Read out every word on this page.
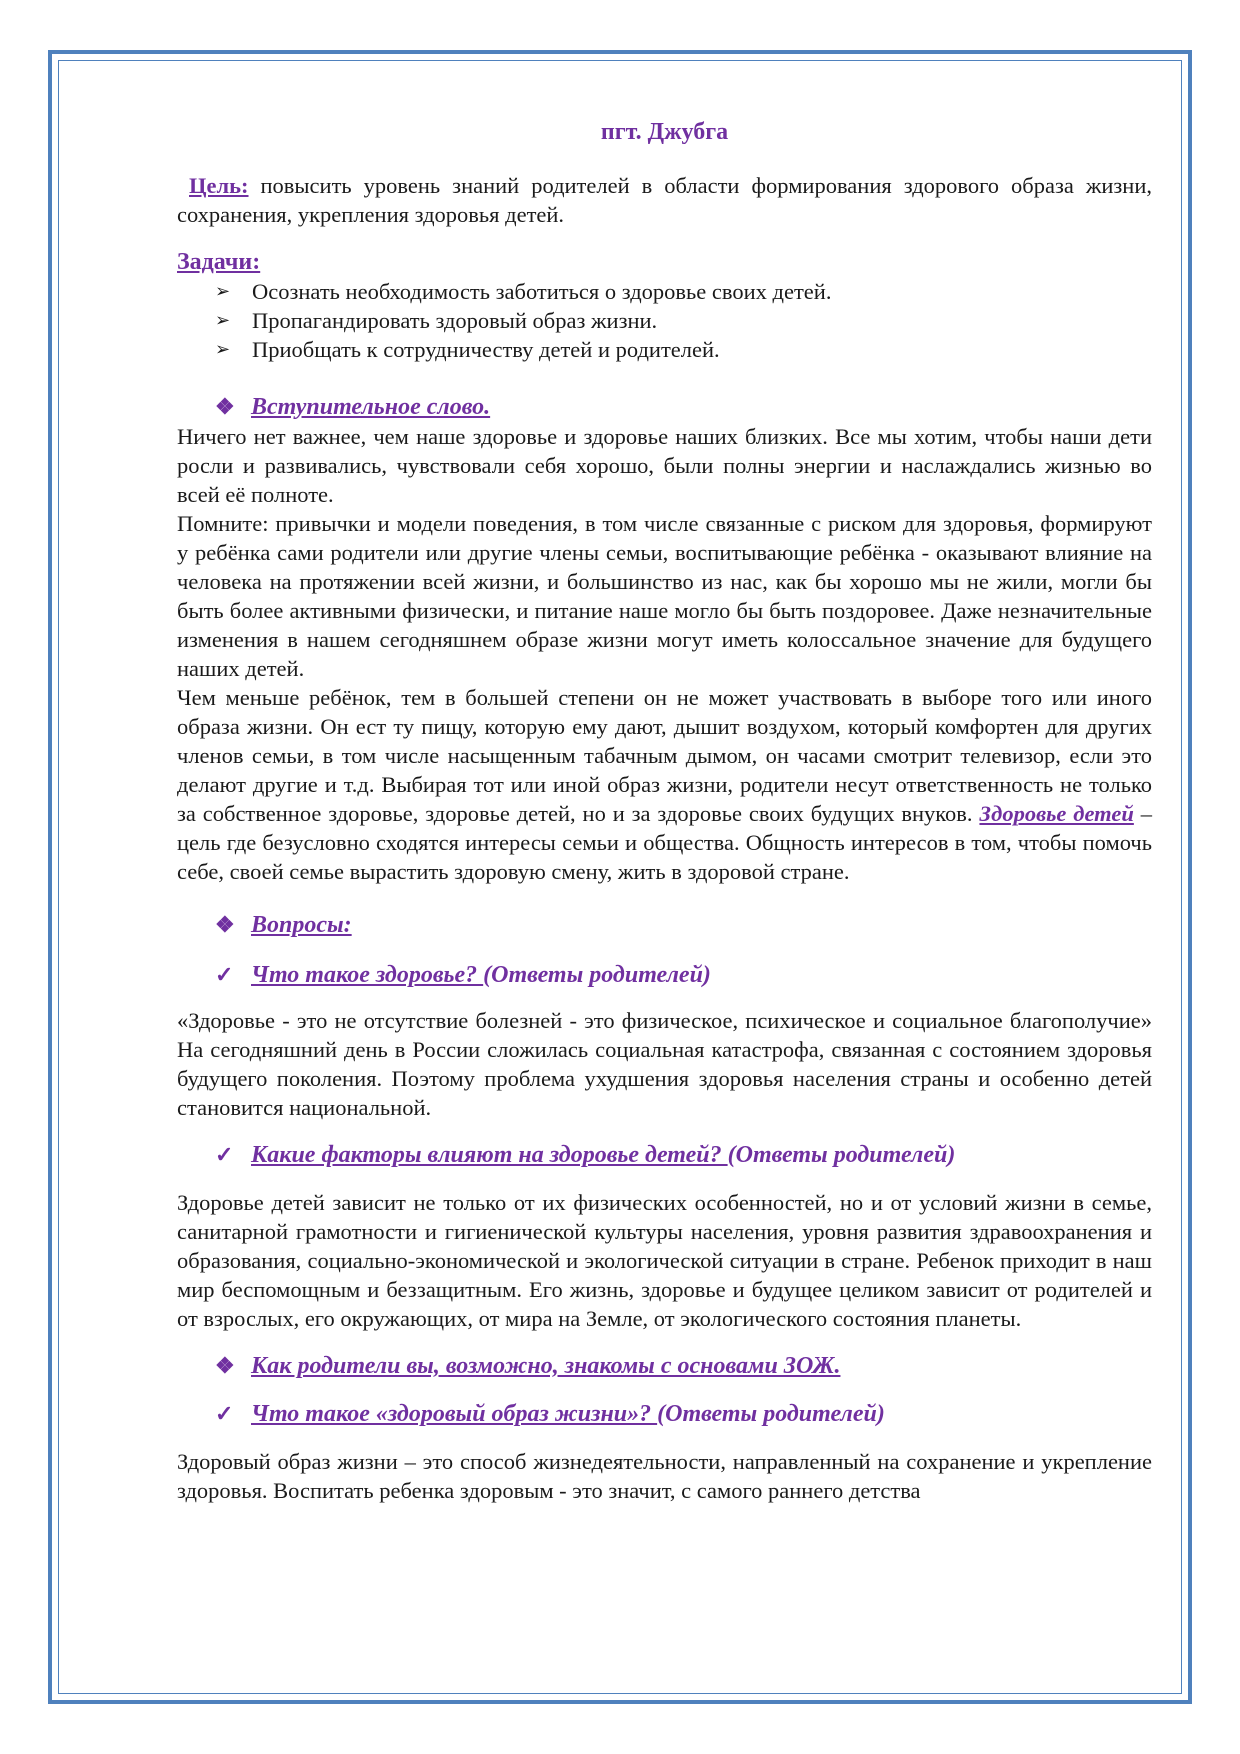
пгт. Джубга

Цель: повысить уровень знаний родителей в области формирования здорового образа жизни, сохранения, укрепления здоровья детей.

Задачи:
➢ Осознать необходимость заботиться о здоровье своих детей.
➢ Пропагандировать здоровый образ жизни.
➢ Приобщать к сотрудничеству детей и родителей.
❖ Вступительное слово.

Ничего нет важнее, чем наше здоровье и здоровье наших близких. Все мы хотим, чтобы наши дети росли и развивались, чувствовали себя хорошо, были полны энергии и наслаждались жизнью во всей её полноте.

Помните: привычки и модели поведения, в том числе связанные с риском для здоровья, формируют у ребёнка сами родители или другие члены семьи, воспитывающие ребёнка - оказывают влияние на человека на протяжении всей жизни, и большинство из нас, как бы хорошо мы не жили, могли бы быть более активными физически, и питание наше могло бы быть поздоровее. Даже незначительные изменения в нашем сегодняшнем образе жизни могут иметь колоссальное значение для будущего наших детей.

Чем меньше ребёнок, тем в большей степени он не может участвовать в выборе того или иного образа жизни. Он ест ту пищу, которую ему дают, дышит воздухом, который комфортен для других членов семьи, в том числе насыщенным табачным дымом, он часами смотрит телевизор, если это делают другие и т.д. Выбирая тот или иной образ жизни, родители несут ответственность не только за собственное здоровье, здоровье детей, но и за здоровье своих будущих внуков. Здоровье детей – цель где безусловно сходятся интересы семьи и общества. Общность интересов в том, чтобы помочь себе, своей семье вырастить здоровую смену, жить в здоровой стране.

❖ Вопросы:
✓ Что такое здоровье? (Ответы родителей)

«Здоровье - это не отсутствие болезней - это физическое, психическое и социальное благополучие» На сегодняшний день в России сложилась социальная катастрофа, связанная с состоянием здоровья будущего поколения. Поэтому проблема ухудшения здоровья населения страны и особенно детей становится национальной.

✓ Какие факторы влияют на здоровье детей? (Ответы родителей)

Здоровье детей зависит не только от их физических особенностей, но и от условий жизни в семье, санитарной грамотности и гигиенической культуры населения, уровня развития здравоохранения и образования, социально-экономической и экологической ситуации в стране. Ребенок приходит в наш мир беспомощным и беззащитным. Его жизнь, здоровье и будущее целиком зависит от родителей и от взрослых, его окружающих, от мира на Земле, от экологического состояния планеты.

❖ Как родители вы, возможно, знакомы с основами ЗОЖ.
✓ Что такое «здоровый образ жизни»? (Ответы родителей)

Здоровый образ жизни – это способ жизнедеятельности, направленный на сохранение и укрепление здоровья. Воспитать ребенка здоровым - это значит, с самого раннего детства
